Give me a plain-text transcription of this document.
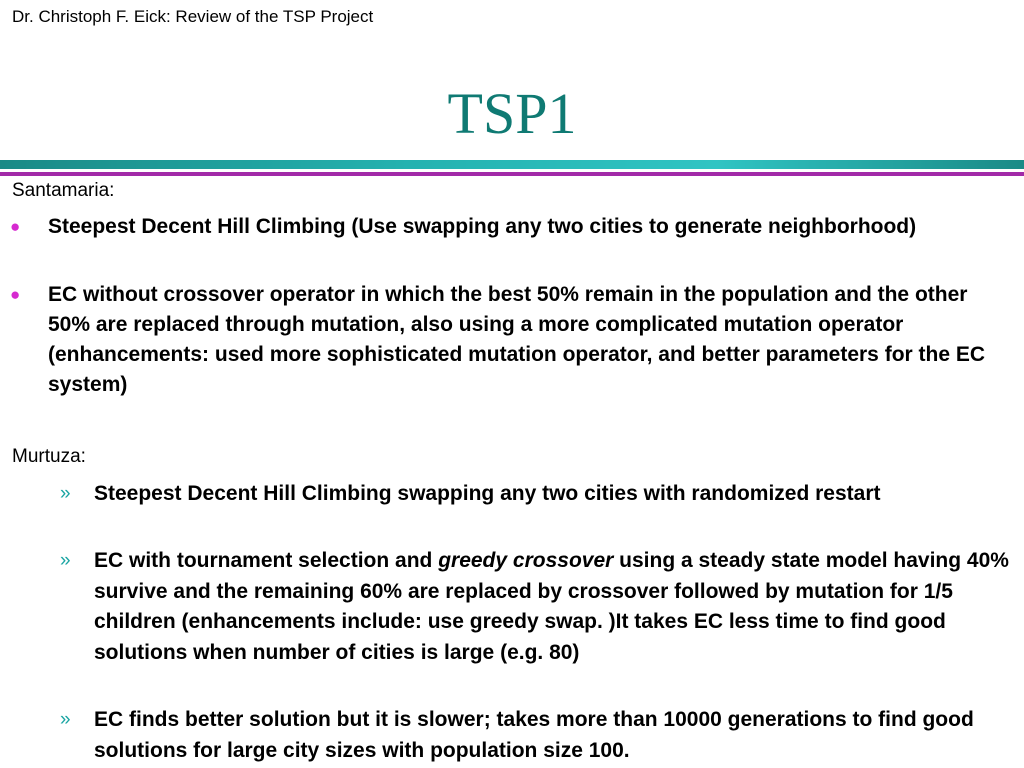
Dr. Christoph F. Eick: Review of the TSP Project
TSP1
Santamaria:
● Steepest Decent Hill Climbing (Use swapping any two cities to generate neighborhood)
● EC without crossover operator in which the best 50% remain in the population and the other 50% are replaced through mutation, also using a more complicated mutation operator (enhancements: used more sophisticated mutation operator, and better parameters for the EC system)
Murtuza:
» Steepest Decent Hill Climbing swapping any two cities with randomized restart
» EC with tournament selection and greedy crossover using a steady state model having 40% survive and the remaining 60% are replaced by crossover followed by mutation for 1/5 children (enhancements include: use greedy swap. )It takes EC less time to find good solutions when number of cities is large (e.g. 80)
» EC finds better solution but it is slower; takes more than 10000 generations to find good solutions for large city sizes with population size 100.
